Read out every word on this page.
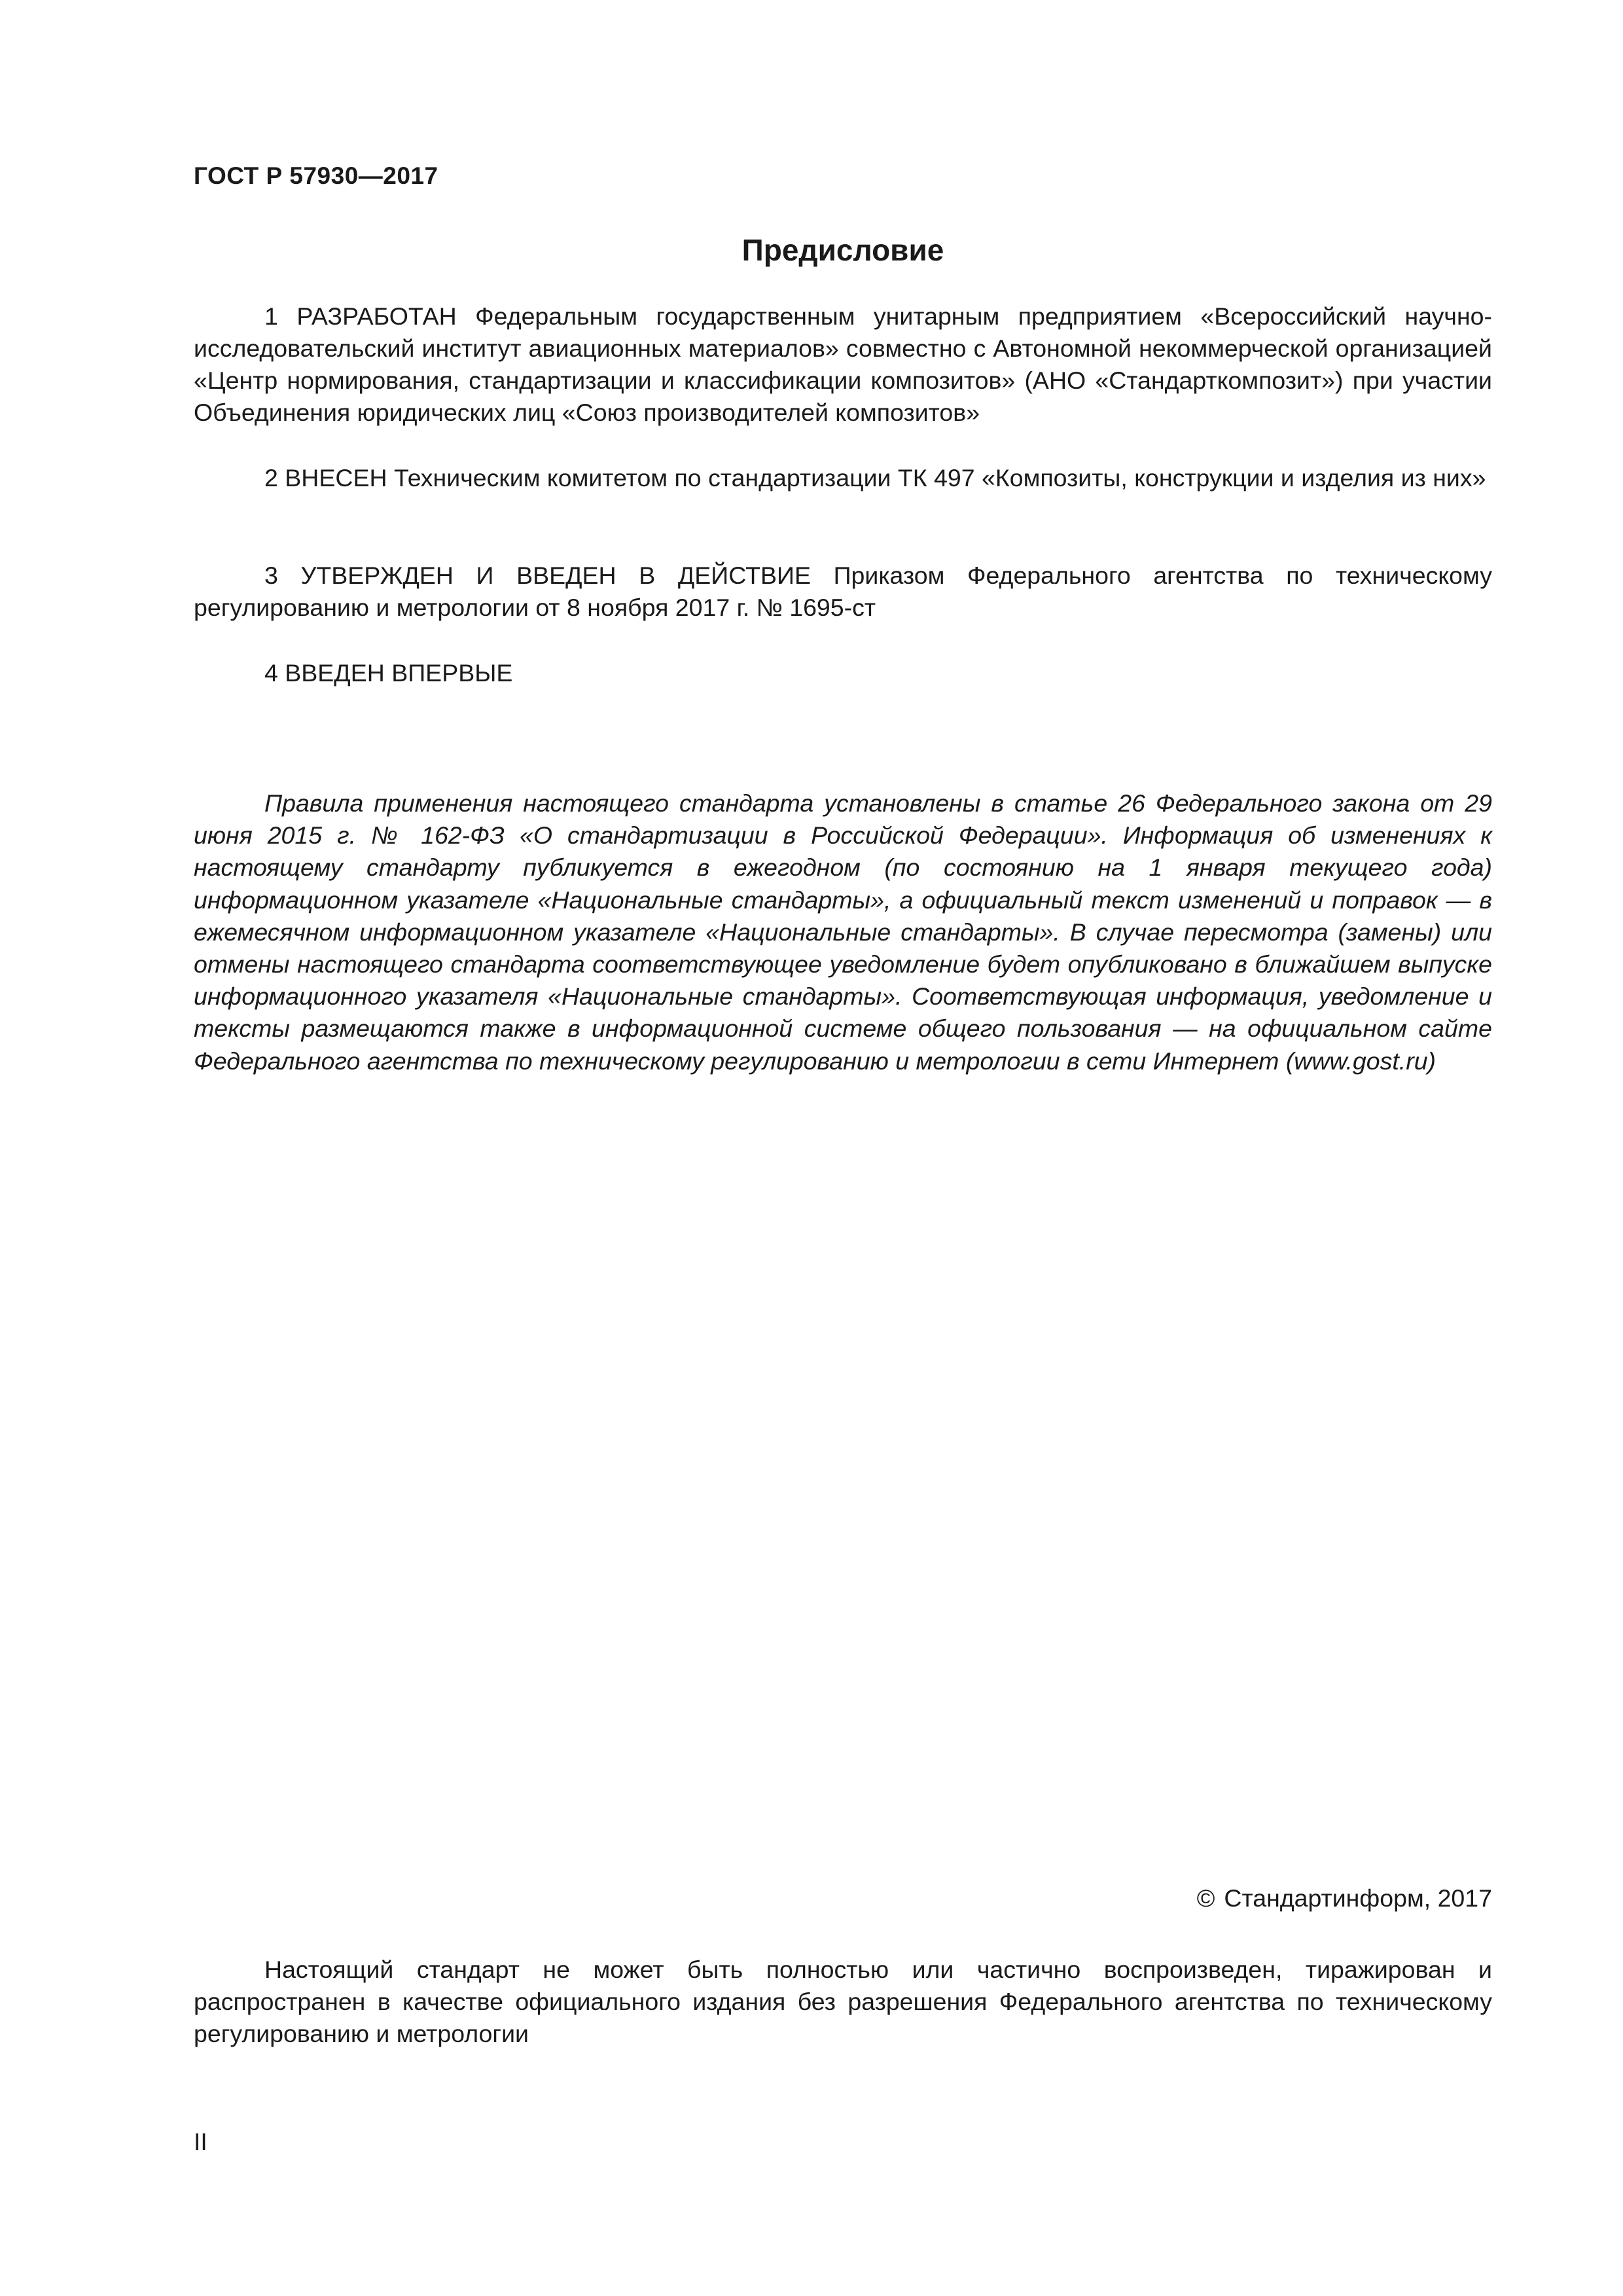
ГОСТ Р 57930—2017
Предисловие

1 РАЗРАБОТАН Федеральным государственным унитарным предприятием «Всероссийский научно-исследовательский институт авиационных материалов» совместно с Автономной некоммерческой организацией «Центр нормирования, стандартизации и классификации композитов» (АНО «Стандарткомпозит») при участии Объединения юридических лиц «Союз производителей композитов»

2 ВНЕСЕН Техническим комитетом по стандартизации ТК 497 «Композиты, конструкции и изделия из них»

3 УТВЕРЖДЕН И ВВЕДЕН В ДЕЙСТВИЕ Приказом Федерального агентства по техническому регулированию и метрологии от 8 ноября 2017 г. № 1695-ст

4 ВВЕДЕН ВПЕРВЫЕ

Правила применения настоящего стандарта установлены в статье 26 Федерального закона от 29 июня 2015 г. № 162-ФЗ «О стандартизации в Российской Федерации». Информация об изменениях к настоящему стандарту публикуется в ежегодном (по состоянию на 1 января текущего года) информационном указателе «Национальные стандарты», а официальный текст изменений и поправок — в ежемесячном информационном указателе «Национальные стандарты». В случае пересмотра (замены) или отмены настоящего стандарта соответствующее уведомление будет опубликовано в ближайшем выпуске информационного указателя «Национальные стандарты». Соответствующая информация, уведомление и тексты размещаются также в информационной системе общего пользования — на официальном сайте Федерального агентства по техническому регулированию и метрологии в сети Интернет (www.gost.ru)

© Стандартинформ, 2017

Настоящий стандарт не может быть полностью или частично воспроизведен, тиражирован и распространен в качестве официального издания без разрешения Федерального агентства по техническому регулированию и метрологии

II
